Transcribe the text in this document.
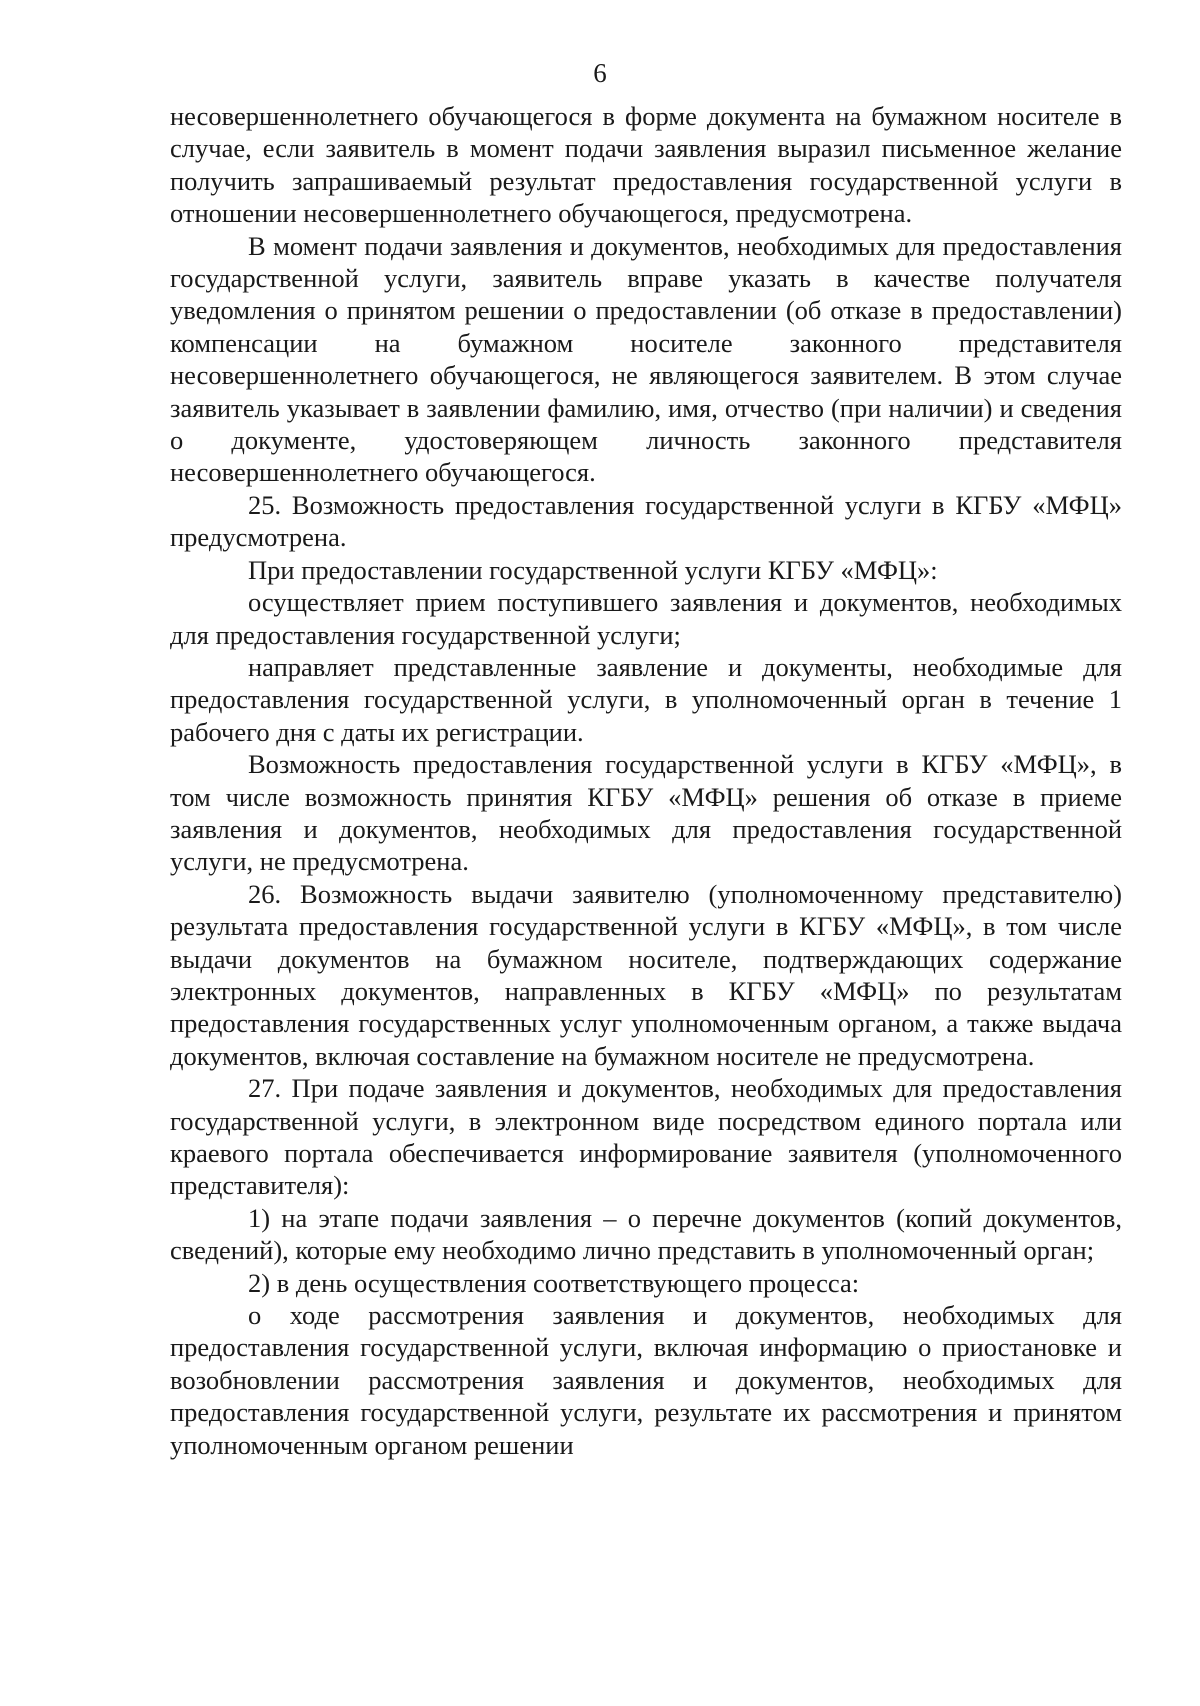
6

несовершеннолетнего обучающегося в форме документа на бумажном носителе в случае, если заявитель в момент подачи заявления выразил письменное желание получить запрашиваемый результат предоставления государственной услуги в отношении несовершеннолетнего обучающегося, предусмотрена.

В момент подачи заявления и документов, необходимых для предоставления государственной услуги, заявитель вправе указать в качестве получателя уведомления о принятом решении о предоставлении (об отказе в предоставлении) компенсации на бумажном носителе законного представителя несовершеннолетнего обучающегося, не являющегося заявителем. В этом случае заявитель указывает в заявлении фамилию, имя, отчество (при наличии) и сведения о документе, удостоверяющем личность законного представителя несовершеннолетнего обучающегося.

25. Возможность предоставления государственной услуги в КГБУ «МФЦ» предусмотрена.

При предоставлении государственной услуги КГБУ «МФЦ»:

осуществляет прием поступившего заявления и документов, необходимых для предоставления государственной услуги;

направляет представленные заявление и документы, необходимые для предоставления государственной услуги, в уполномоченный орган в течение 1 рабочего дня с даты их регистрации.

Возможность предоставления государственной услуги в КГБУ «МФЦ», в том числе возможность принятия КГБУ «МФЦ» решения об отказе в приеме заявления и документов, необходимых для предоставления государственной услуги, не предусмотрена.

26. Возможность выдачи заявителю (уполномоченному представителю) результата предоставления государственной услуги в КГБУ «МФЦ», в том числе выдачи документов на бумажном носителе, подтверждающих содержание электронных документов, направленных в КГБУ «МФЦ» по результатам предоставления государственных услуг уполномоченным органом, а также выдача документов, включая составление на бумажном носителе не предусмотрена.

27. При подаче заявления и документов, необходимых для предоставления государственной услуги, в электронном виде посредством единого портала или краевого портала обеспечивается информирование заявителя (уполномоченного представителя):

1) на этапе подачи заявления – о перечне документов (копий документов, сведений), которые ему необходимо лично представить в уполномоченный орган;

2) в день осуществления соответствующего процесса:

о ходе рассмотрения заявления и документов, необходимых для предоставления государственной услуги, включая информацию о приостановке и возобновлении рассмотрения заявления и документов, необходимых для предоставления государственной услуги, результате их рассмотрения и принятом уполномоченным органом решении
